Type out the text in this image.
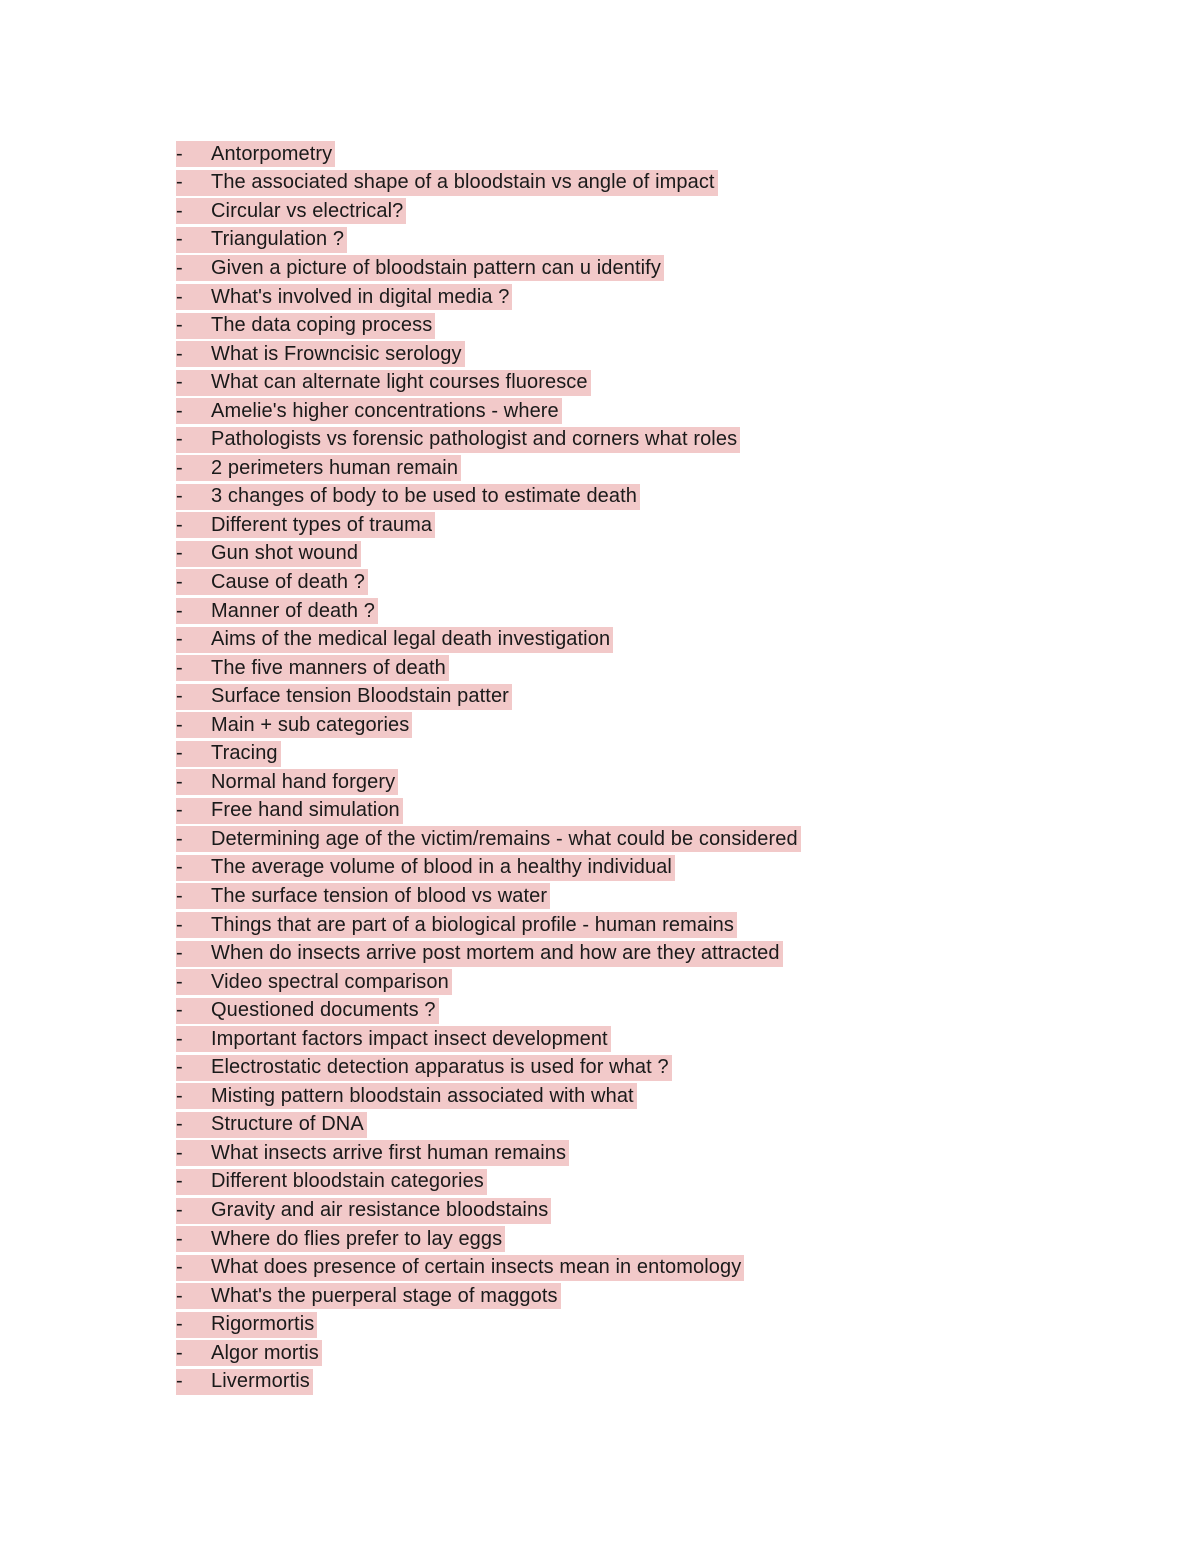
-	Antorpometry
-	The associated shape of a bloodstain vs angle of impact
-	Circular vs electrical?
-	Triangulation ?
-	Given a picture of bloodstain pattern can u identify
-	What's involved in digital media ?
-	The data coping process
-	What is Frowncisic serology
-	What can alternate light courses fluoresce
-	Amelie's higher concentrations - where
-	Pathologists vs forensic pathologist and corners what roles
-	2 perimeters human remain
-	3 changes of body to be used to estimate death
-	Different types of trauma
-	Gun shot wound
-	Cause of death ?
-	Manner of death ?
-	Aims of the medical legal death investigation
-	The five manners of death
-	Surface tension Bloodstain patter
-	Main + sub categories
-	Tracing
-	Normal hand forgery
-	Free hand simulation
-	Determining age of the victim/remains - what could be considered
-	The average volume of blood in a healthy individual
-	The surface tension of blood vs water
-	Things that are part of a biological profile - human remains
-	When do insects arrive post mortem and how are they attracted
-	Video spectral comparison
-	Questioned documents ?
-	Important factors impact insect development
-	Electrostatic detection apparatus is used for what ?
-	Misting pattern bloodstain associated with what
-	Structure of DNA
-	What insects arrive first human remains
-	Different bloodstain categories
-	Gravity and air resistance bloodstains
-	Where do flies prefer to lay eggs
-	What does presence of certain insects mean in entomology
-	What's the puerperal stage of maggots
-	Rigormortis
-	Algor mortis
-	Livermortis
